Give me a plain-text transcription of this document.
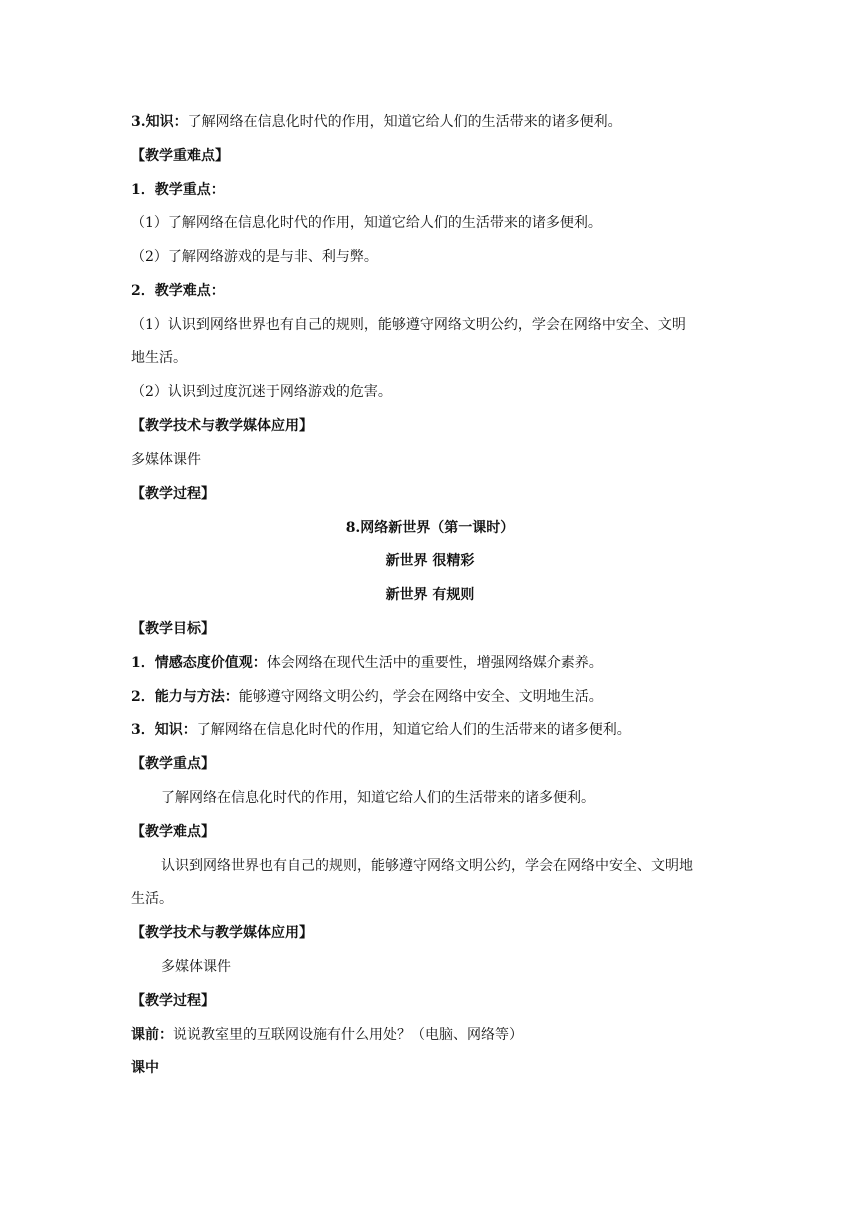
3.知识：了解网络在信息化时代的作用，知道它给人们的生活带来的诸多便利。
【教学重难点】
1．教学重点：
（1）了解网络在信息化时代的作用，知道它给人们的生活带来的诸多便利。
（2）了解网络游戏的是与非、利与弊。
2．教学难点：
（1）认识到网络世界也有自己的规则，能够遵守网络文明公约，学会在网络中安全、文明
地生活。
（2）认识到过度沉迷于网络游戏的危害。
【教学技术与教学媒体应用】
多媒体课件
【教学过程】
8.网络新世界（第一课时）
新世界 很精彩
新世界 有规则
【教学目标】
1．情感态度价值观：体会网络在现代生活中的重要性，增强网络媒介素养。
2．能力与方法：能够遵守网络文明公约，学会在网络中安全、文明地生活。
3．知识：了解网络在信息化时代的作用，知道它给人们的生活带来的诸多便利。
【教学重点】
了解网络在信息化时代的作用，知道它给人们的生活带来的诸多便利。
【教学难点】
认识到网络世界也有自己的规则，能够遵守网络文明公约，学会在网络中安全、文明地
生活。
【教学技术与教学媒体应用】
多媒体课件
【教学过程】
课前：说说教室里的互联网设施有什么用处？（电脑、网络等）
课中
